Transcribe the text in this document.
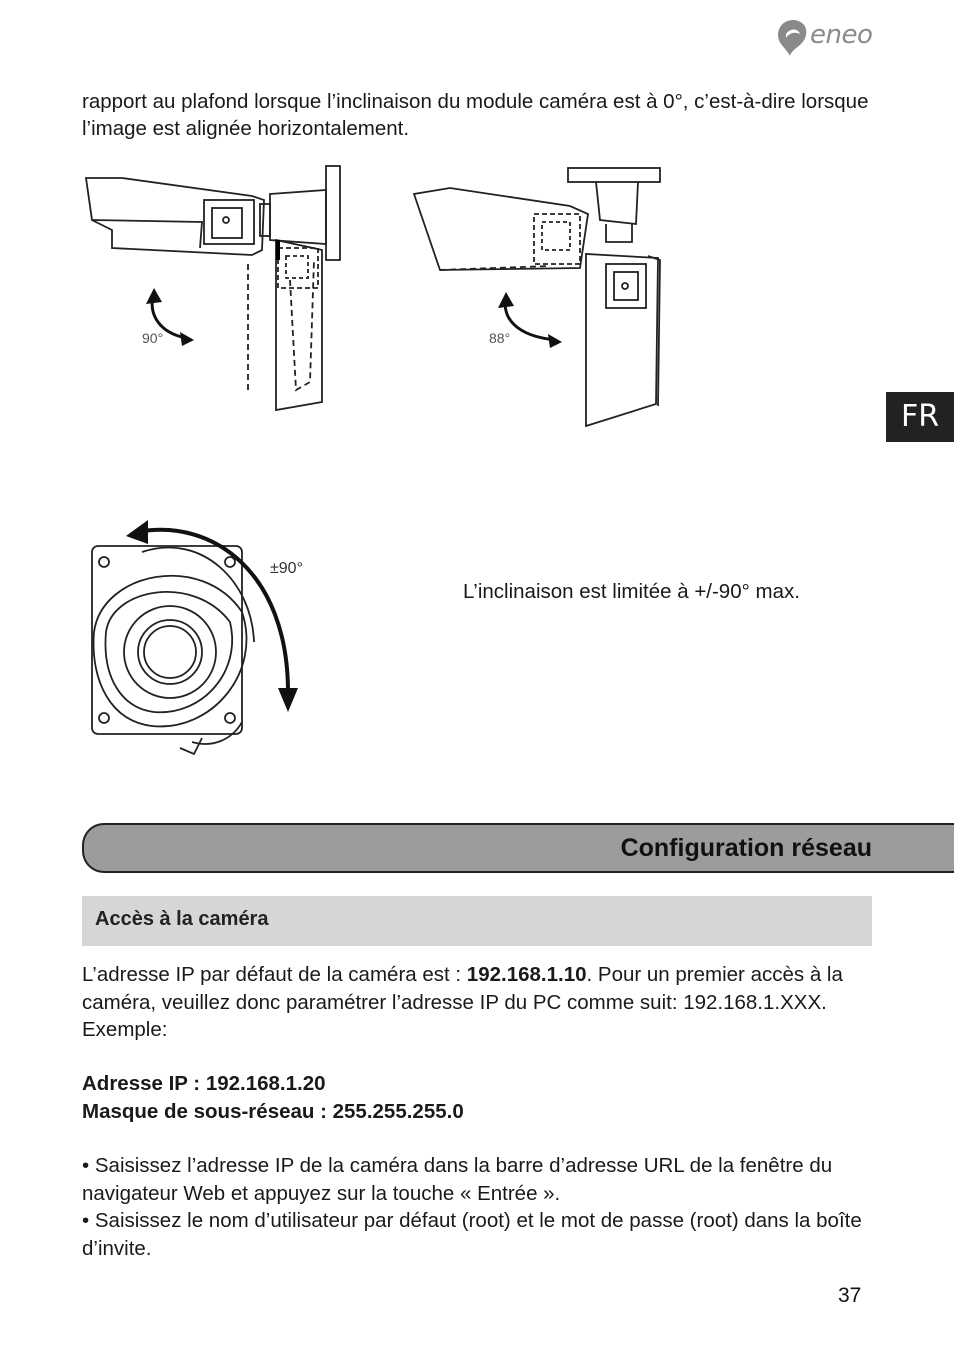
eneo
rapport au plafond lorsque l’inclinaison du module caméra est à 0°, c’est-à-dire lorsque l’image est alignée horizontalement.
90°	88°
FR
±90°
L’inclinaison est limitée à +/-90° max.
Configuration réseau
Accès à la caméra
L’adresse IP par défaut de la caméra est : 192.168.1.10. Pour un premier accès à la caméra, veuillez donc paramétrer l’adresse IP du PC comme suit: 192.168.1.XXX. Exemple:
Adresse IP : 192.168.1.20
Masque de sous-réseau : 255.255.255.0
• Saisissez l’adresse IP de la caméra dans la barre d’adresse URL de la fenêtre du navigateur Web et appuyez sur la touche « Entrée ».
• Saisissez le nom d’utilisateur par défaut (root) et le mot de passe (root) dans la boîte d’invite.
37
